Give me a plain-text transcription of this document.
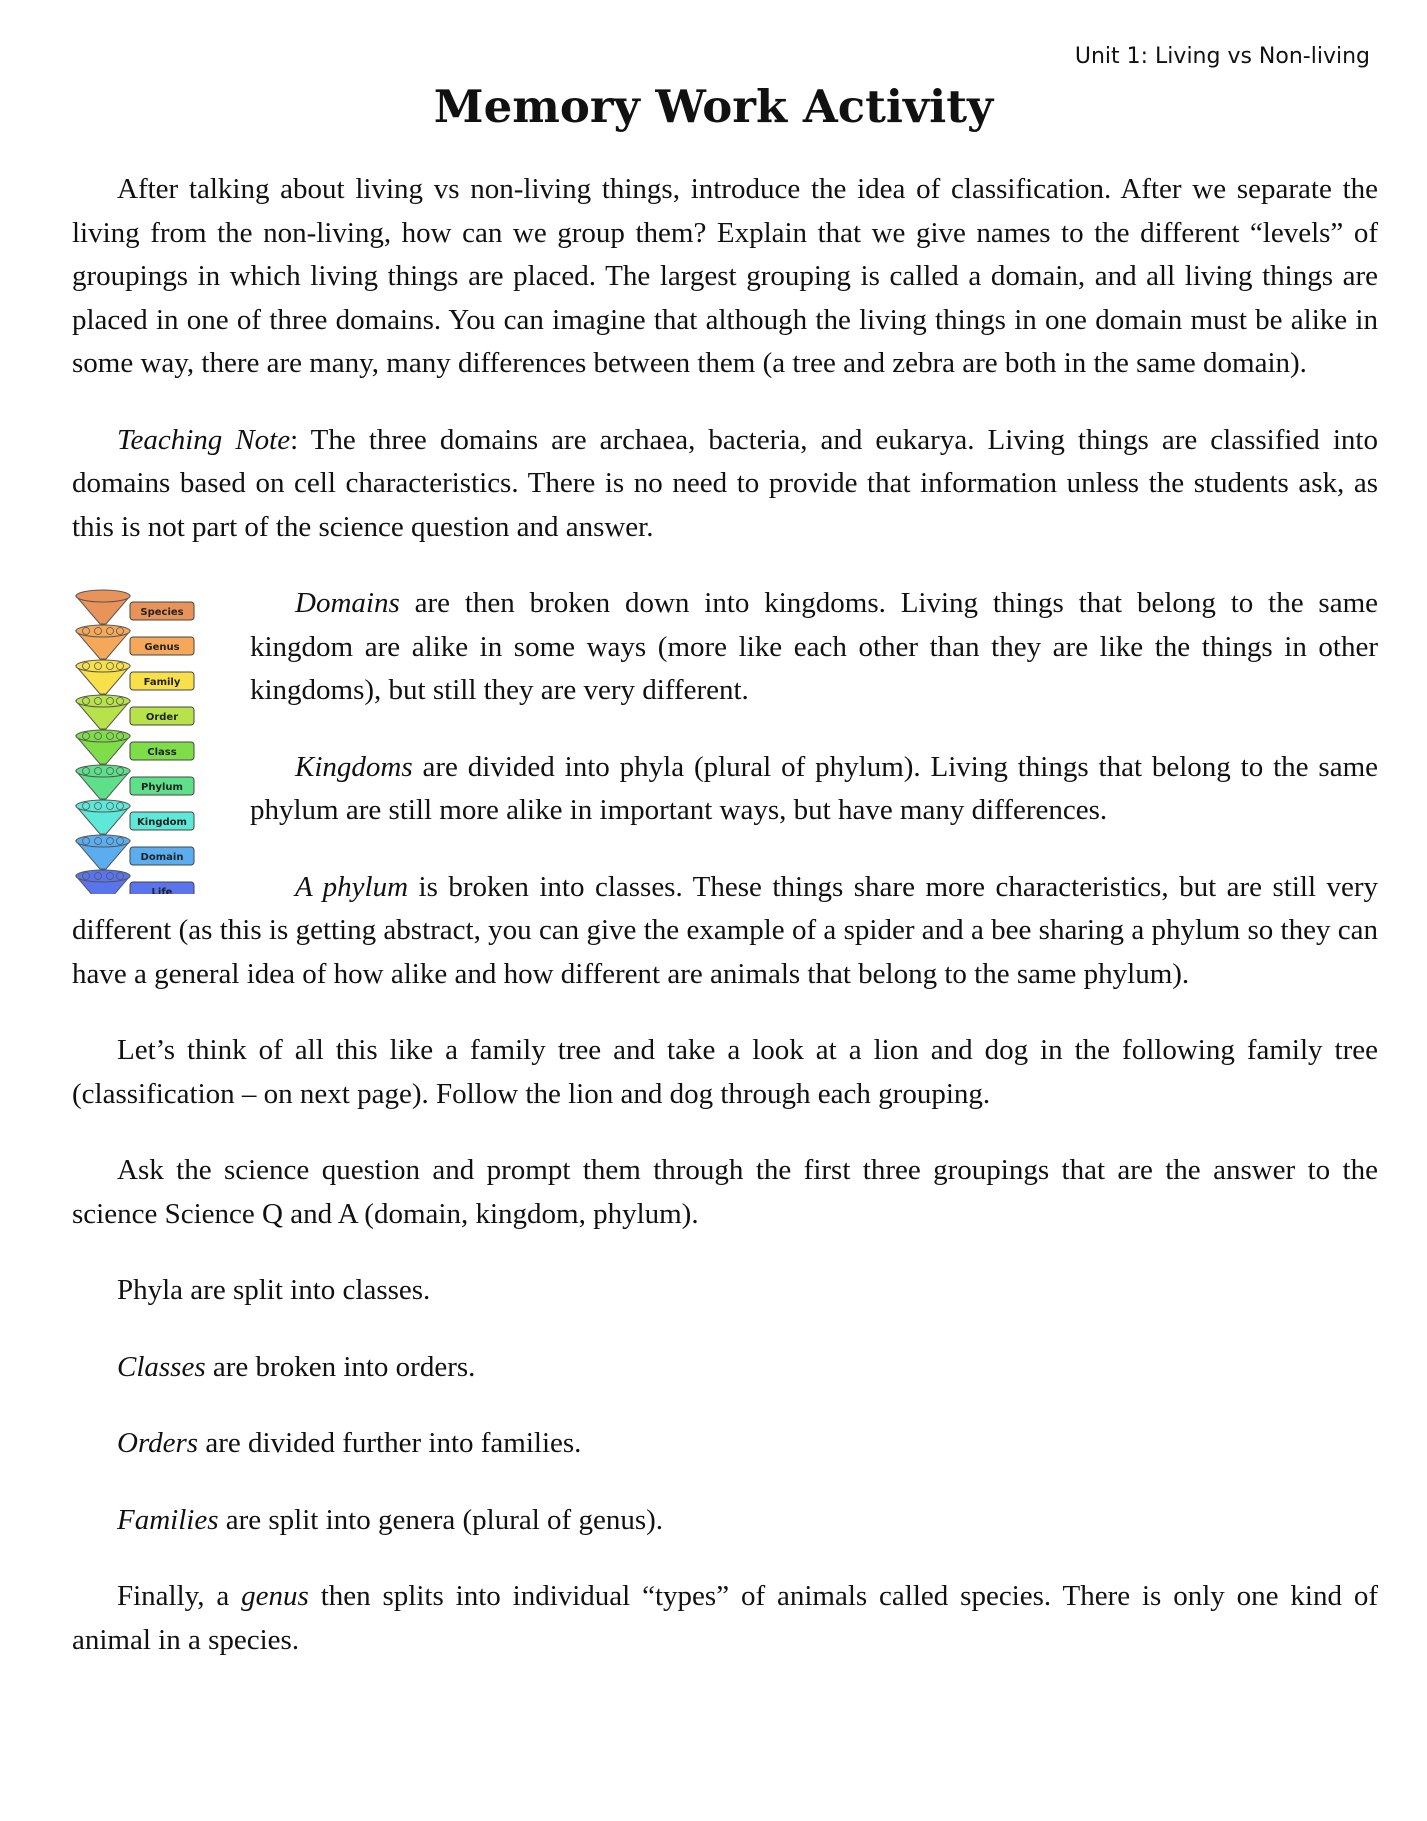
Unit 1: Living vs Non-living
Memory Work Activity

After talking about living vs non-living things, introduce the idea of classification. After we separate the living from the non-living, how can we group them? Explain that we give names to the different “levels” of groupings in which living things are placed. The largest grouping is called a domain, and all living things are placed in one of three domains. You can imagine that although the living things in one domain must be alike in some way, there are many, many differences between them (a tree and zebra are both in the same domain).

Teaching Note: The three domains are archaea, bacteria, and eukarya. Living things are classified into domains based on cell characteristics. There is no need to provide that information unless the students ask, as this is not part of the science question and answer.

Species
Genus
Family
Order
Class
Phylum
Kingdom
Domain
Life

Domains are then broken down into kingdoms. Living things that belong to the same kingdom are alike in some ways (more like each other than they are like the things in other kingdoms), but still they are very different.

Kingdoms are divided into phyla (plural of phylum). Living things that belong to the same phylum are still more alike in important ways, but have many differences.

A phylum is broken into classes. These things share more characteristics, but are still very different (as this is getting abstract, you can give the example of a spider and a bee sharing a phylum so they can have a general idea of how alike and how different are animals that belong to the same phylum).

Let’s think of all this like a family tree and take a look at a lion and dog in the following family tree (classification – on next page). Follow the lion and dog through each grouping.

Ask the science question and prompt them through the first three groupings that are the answer to the science Science Q and A (domain, kingdom, phylum).

Phyla are split into classes.

Classes are broken into orders.

Orders are divided further into families.

Families are split into genera (plural of genus).

Finally, a genus then splits into individual “types” of animals called species. There is only one kind of animal in a species.
